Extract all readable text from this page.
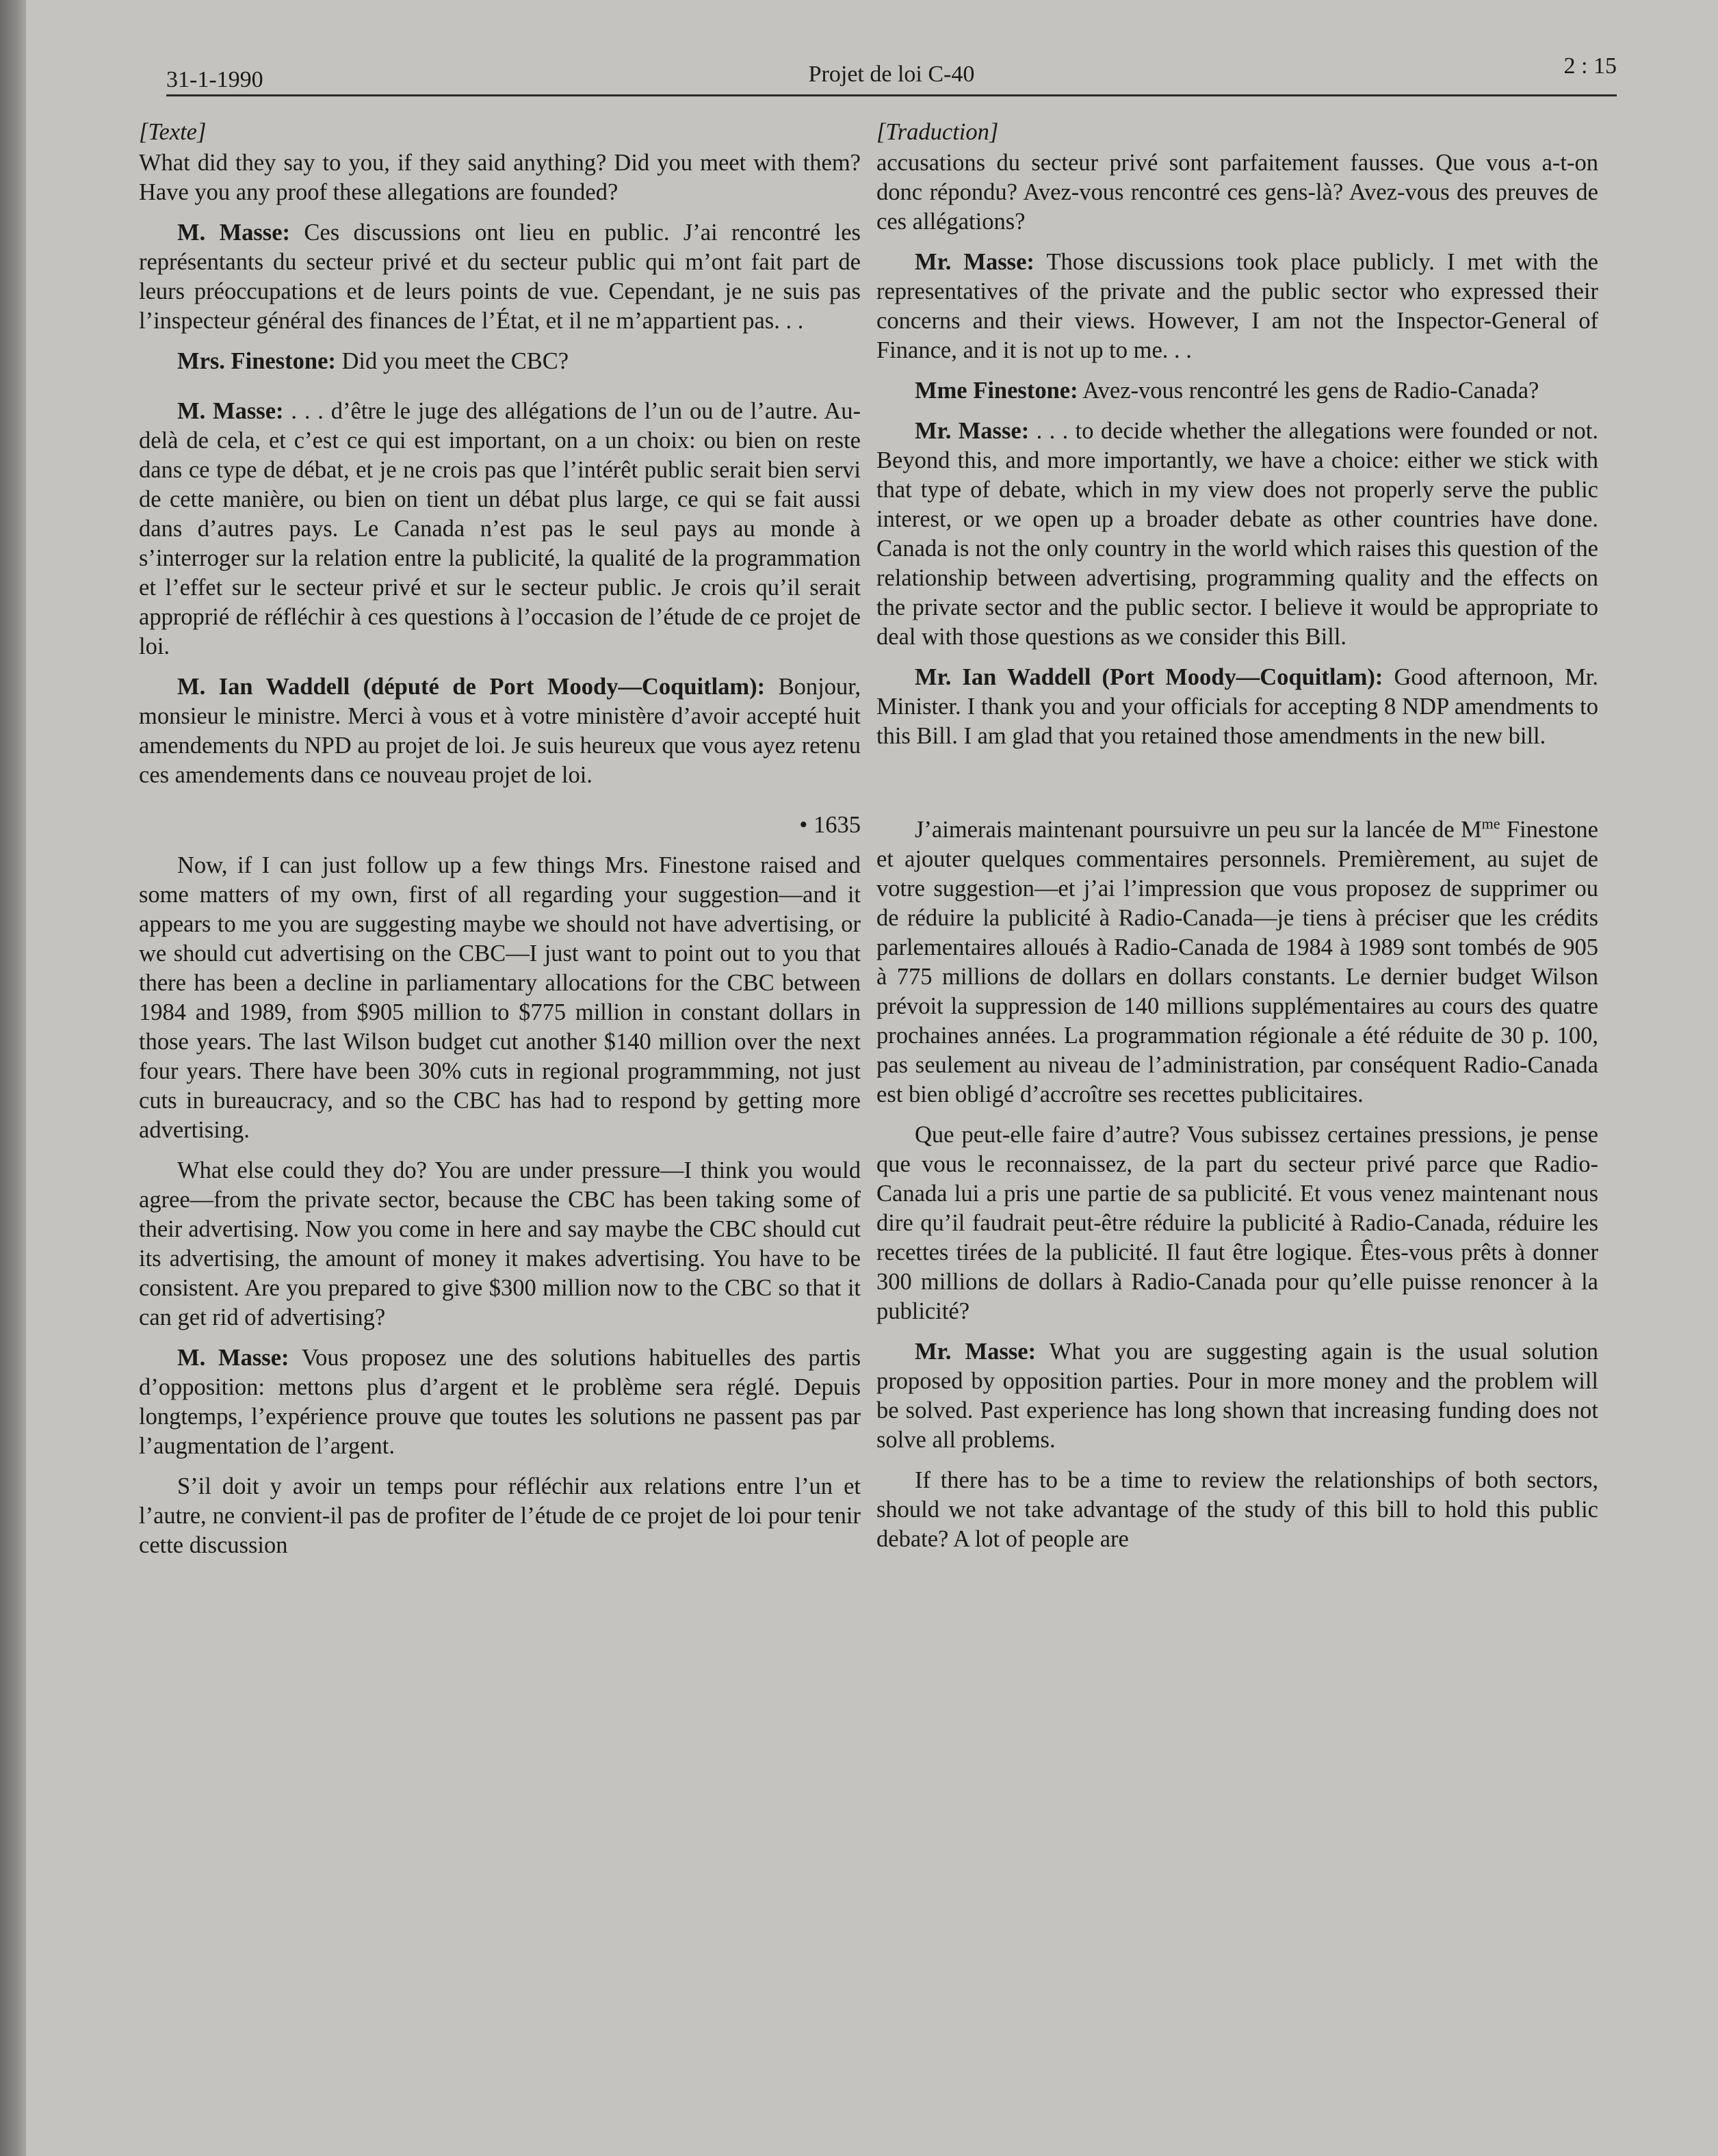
31-1-1990	Projet de loi C-40	2 : 15
[Texte]

What did they say to you, if they said anything? Did you meet with them? Have you any proof these allegations are founded?

M. Masse: Ces discussions ont lieu en public. J’ai rencontré les représentants du secteur privé et du secteur public qui m’ont fait part de leurs préoccupations et de leurs points de vue. Cependant, je ne suis pas l’inspecteur général des finances de l’État, et il ne m’appartient pas. . .

Mrs. Finestone: Did you meet the CBC?

M. Masse: . . . d’être le juge des allégations de l’un ou de l’autre. Au-delà de cela, et c’est ce qui est important, on a un choix: ou bien on reste dans ce type de débat, et je ne crois pas que l’intérêt public serait bien servi de cette manière, ou bien on tient un débat plus large, ce qui se fait aussi dans d’autres pays. Le Canada n’est pas le seul pays au monde à s’interroger sur la relation entre la publicité, la qualité de la programmation et l’effet sur le secteur privé et sur le secteur public. Je crois qu’il serait approprié de réfléchir à ces questions à l’occasion de l’étude de ce projet de loi.

M. Ian Waddell (député de Port Moody—Coquitlam): Bonjour, monsieur le ministre. Merci à vous et à votre ministère d’avoir accepté huit amendements du NPD au projet de loi. Je suis heureux que vous ayez retenu ces amendements dans ce nouveau projet de loi.

• 1635

Now, if I can just follow up a few things Mrs. Finestone raised and some matters of my own, first of all regarding your suggestion—and it appears to me you are suggesting maybe we should not have advertising, or we should cut advertising on the CBC—I just want to point out to you that there has been a decline in parliamentary allocations for the CBC between 1984 and 1989, from $905 million to $775 million in constant dollars in those years. The last Wilson budget cut another $140 million over the next four years. There have been 30% cuts in regional programmming, not just cuts in bureaucracy, and so the CBC has had to respond by getting more advertising.

What else could they do? You are under pressure—I think you would agree—from the private sector, because the CBC has been taking some of their advertising. Now you come in here and say maybe the CBC should cut its advertising, the amount of money it makes advertising. You have to be consistent. Are you prepared to give $300 million now to the CBC so that it can get rid of advertising?

M. Masse: Vous proposez une des solutions habituelles des partis d’opposition: mettons plus d’argent et le problème sera réglé. Depuis longtemps, l’expérience prouve que toutes les solutions ne passent pas par l’augmentation de l’argent.

S’il doit y avoir un temps pour réfléchir aux relations entre l’un et l’autre, ne convient-il pas de profiter de l’étude de ce projet de loi pour tenir cette discussion

[Traduction]

accusations du secteur privé sont parfaitement fausses. Que vous a-t-on donc répondu? Avez-vous rencontré ces gens-là? Avez-vous des preuves de ces allégations?

Mr. Masse: Those discussions took place publicly. I met with the representatives of the private and the public sector who expressed their concerns and their views. However, I am not the Inspector-General of Finance, and it is not up to me. . .

Mme Finestone: Avez-vous rencontré les gens de Radio-Canada?

Mr. Masse: . . . to decide whether the allegations were founded or not. Beyond this, and more importantly, we have a choice: either we stick with that type of debate, which in my view does not properly serve the public interest, or we open up a broader debate as other countries have done. Canada is not the only country in the world which raises this question of the relationship between advertising, programming quality and the effects on the private sector and the public sector. I believe it would be appropriate to deal with those questions as we consider this Bill.

Mr. Ian Waddell (Port Moody—Coquitlam): Good afternoon, Mr. Minister. I thank you and your officials for accepting 8 NDP amendments to this Bill. I am glad that you retained those amendments in the new bill.

J’aimerais maintenant poursuivre un peu sur la lancée de $M^{me}$ Finestone et ajouter quelques commentaires personnels. Premièrement, au sujet de votre suggestion—et j’ai l’impression que vous proposez de supprimer ou de réduire la publicité à Radio-Canada—je tiens à préciser que les crédits parlementaires alloués à Radio-Canada de 1984 à 1989 sont tombés de 905 à 775 millions de dollars en dollars constants. Le dernier budget Wilson prévoit la suppression de 140 millions supplémentaires au cours des quatre prochaines années. La programmation régionale a été réduite de 30 p. 100, pas seulement au niveau de l’administration, par conséquent Radio-Canada est bien obligé d’accroître ses recettes publicitaires.

Que peut-elle faire d’autre? Vous subissez certaines pressions, je pense que vous le reconnaissez, de la part du secteur privé parce que Radio-Canada lui a pris une partie de sa publicité. Et vous venez maintenant nous dire qu’il faudrait peut-être réduire la publicité à Radio-Canada, réduire les recettes tirées de la publicité. Il faut être logique. Êtes-vous prêts à donner 300 millions de dollars à Radio-Canada pour qu’elle puisse renoncer à la publicité?

Mr. Masse: What you are suggesting again is the usual solution proposed by opposition parties. Pour in more money and the problem will be solved. Past experience has long shown that increasing funding does not solve all problems.

If there has to be a time to review the relationships of both sectors, should we not take advantage of the study of this bill to hold this public debate? A lot of people are
